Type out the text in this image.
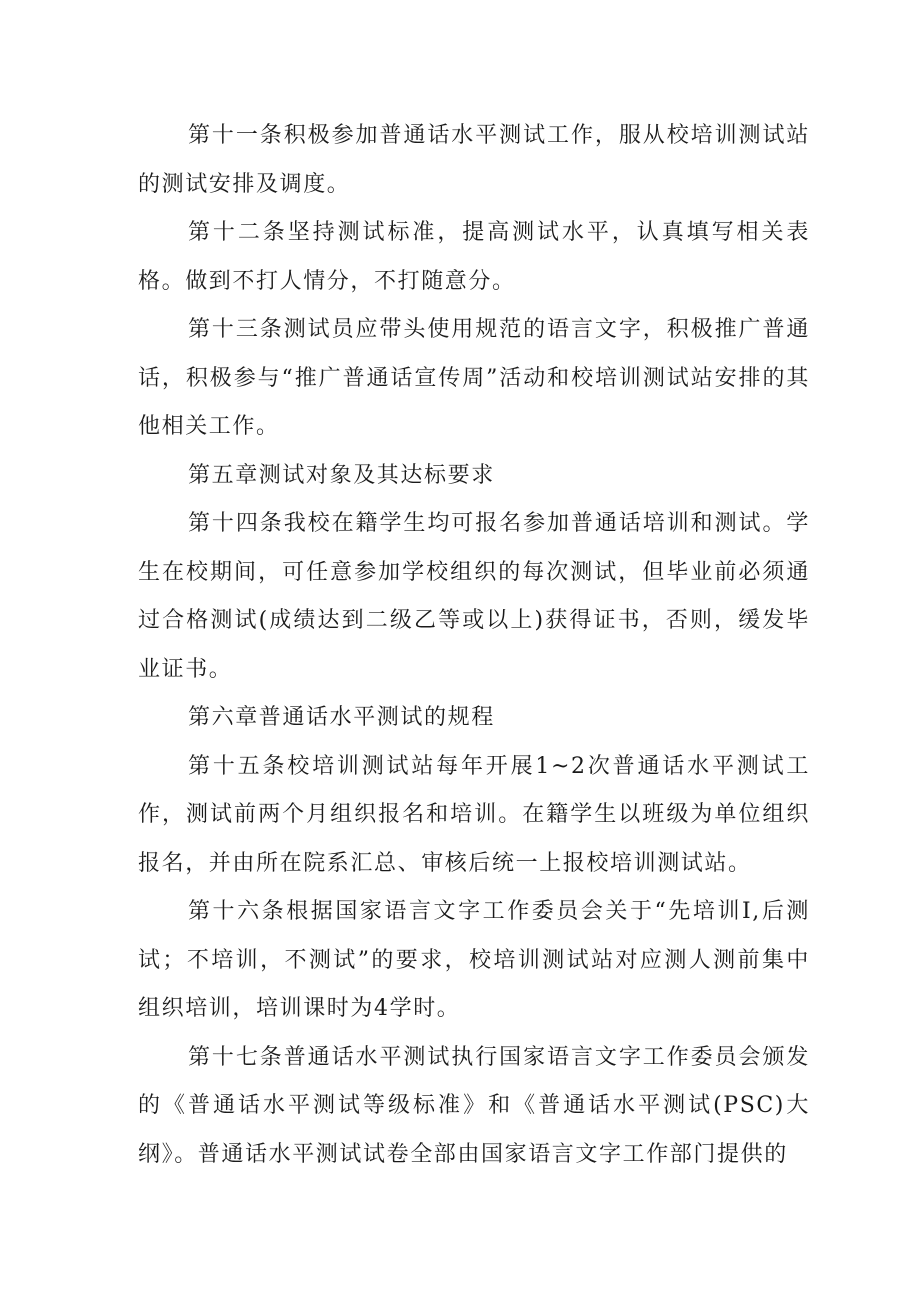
第十一条积极参加普通话水平测试工作，服从校培训测试站的测试安排及调度。

第十二条坚持测试标准，提高测试水平，认真填写相关表格。做到不打人情分，不打随意分。

第十三条测试员应带头使用规范的语言文字，积极推广普通话，积极参与“推广普通话宣传周”活动和校培训测试站安排的其他相关工作。

第五章测试对象及其达标要求

第十四条我校在籍学生均可报名参加普通话培训和测试。学生在校期间，可任意参加学校组织的每次测试，但毕业前必须通过合格测试(成绩达到二级乙等或以上)获得证书，否则，缓发毕业证书。

第六章普通话水平测试的规程

第十五条校培训测试站每年开展1~2次普通话水平测试工作，测试前两个月组织报名和培训。在籍学生以班级为单位组织报名，并由所在院系汇总、审核后统一上报校培训测试站。

第十六条根据国家语言文字工作委员会关于“先培训I,后测试；不培训，不测试”的要求，校培训测试站对应测人测前集中组织培训，培训课时为4学时。

第十七条普通话水平测试执行国家语言文字工作委员会颁发的《普通话水平测试等级标准》和《普通话水平测试(PSC)大纲》。普通话水平测试试卷全部由国家语言文字工作部门提供的
